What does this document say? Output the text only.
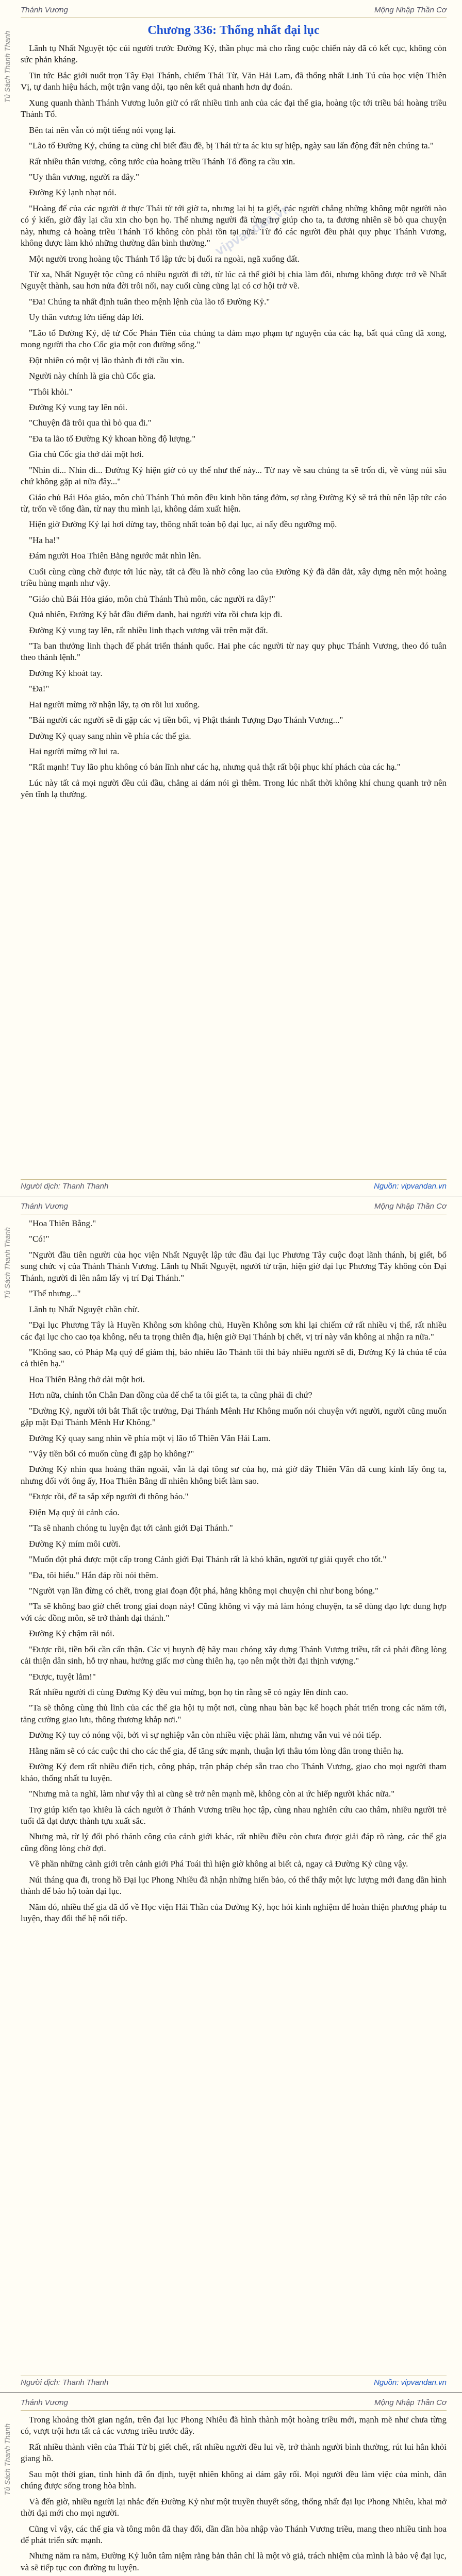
Tủ Sách Thanh Thanh
Thánh Vương	Mộng Nhập Thần Cơ
vipvandan.vn
Chương 336: Thống nhất đại lục

Lãnh tụ Nhất Nguyệt tộc cúi người trước Đường Kỷ, thần phục mà cho rằng cuộc chiến này đã có kết cục, không còn sức phản kháng.

Tin tức Bắc giới nuốt trọn Tây Đại Thánh, chiếm Thái Từ, Văn Hải Lam, đã thống nhất Linh Tú của học viện Thiên Vị, tự danh hiệu hách, một trận vang dội, tạo nên kết quả nhanh hơn dự đoán.

Xung quanh thành Thánh Vương luôn giữ có rất nhiều tinh anh của các đại thế gia, hoàng tộc tới triều bái hoàng triều Thánh Tổ.

Bên tai nên vẫn có một tiếng nói vọng lại.

"Lão tổ Đường Kỷ, chúng ta cũng chỉ biết đầu đề, bị Thái tử ta ác kiu sự hiệp, ngày sau lấn động đất nên chúng ta."

Rất nhiều thân vương, công tước của hoàng triều Thánh Tổ đồng ra cầu xin.

"Uy thân vương, người ra đây."

Đường Kỷ lạnh nhạt nói.

"Hoàng đế của các người ở thực Thái tử tới giờ ta, nhưng lại bị ta giết, các người chẳng những không một người nào có ý kiến, giờ đây lại cầu xin cho bọn họ. Thế nhưng người đã từng trợ giúp cho ta, ta đương nhiên sẽ bỏ qua chuyện này, nhưng cả hoàng triều Thánh Tổ không còn phải tồn tại nữa. Từ đó các người đều phải quy phục Thánh Vương, không được làm khó những thường dân bình thường."

Một người trong hoàng tộc Thánh Tổ lập tức bị đuổi ra ngoài, ngã xuống đất.

Từ xa, Nhất Nguyệt tộc cũng có nhiều người đi tới, từ lúc cả thế giới bị chia làm đôi, nhưng không được trở về Nhất Nguyệt thành, sau hơn nửa đời trôi nổi, nay cuối cùng cũng lại có cơ hội trở về.

"Đa! Chúng ta nhất định tuân theo mệnh lệnh của lão tổ Đường Kỷ."

Uy thân vương lớn tiếng đáp lời.

"Lão tổ Đường Kỷ, đệ tử Cốc Phán Tiên của chúng ta đảm mạo phạm tự nguyện của các hạ, bất quá cũng đã xong, mong người tha cho Cốc gia một con đường sống."

Đột nhiên có một vị lão thành đi tới cầu xin.

Người này chính là gia chủ Cốc gia.

"Thôi khỏi."

Đường Kỷ vung tay lên nói.

"Chuyện đã trôi qua thì bỏ qua đi."

"Đa ta lão tổ Đường Kỷ khoan hồng độ lượng."

Gia chủ Cốc gia thở dài một hơi.

"Nhìn đi... Nhìn đi... Đường Kỷ hiện giờ có uy thế như thế này... Từ nay về sau chúng ta sẽ trốn đi, về vùng núi sâu chứ không gặp ai nữa đây..."

Giáo chủ Bái Hỏa giáo, môn chủ Thánh Thủ môn đều kinh hồn táng đởm, sợ rằng Đường Kỷ sẽ trả thù nên lập tức cáo từ, trốn về tổng đàn, từ nay thu mình lại, không dám xuất hiện.

Hiện giờ Đường Kỷ lại hơi dừng tay, thông nhất toàn bộ đại lục, ai nấy đều ngưỡng mộ.

"Ha ha!"

Đám người Hoa Thiên Bằng ngước mắt nhìn lên.

Cuối cùng cũng chờ được tới lúc này, tất cả đều là nhờ công lao của Đường Kỷ đã dẫn dắt, xây dựng nên một hoàng triều hùng mạnh như vậy.

"Giáo chủ Bái Hỏa giáo, môn chủ Thánh Thủ môn, các người ra đây!"

Quả nhiên, Đường Kỷ bắt đầu điểm danh, hai người vừa rồi chưa kịp đi.

Đường Kỷ vung tay lên, rất nhiều linh thạch vương vãi trên mặt đất.

"Ta ban thưởng linh thạch để phát triển thánh quốc. Hai phe các người từ nay quy phục Thánh Vương, theo đó tuân theo thánh lệnh."

Đường Kỷ khoát tay.

"Đa!"

Hai người mừng rỡ nhận lấy, tạ ơn rồi lui xuống.

"Bái người các người sẽ đi gặp các vị tiền bối, vị Phật thánh Tượng Đạo Thánh Vương..."

Đường Kỷ quay sang nhìn về phía các thế gia.

Hai người mừng rỡ lui ra.

"Rất mạnh! Tuy lão phu không có bản lĩnh như các hạ, nhưng quả thật rất bội phục khí phách của các hạ."

Lúc này tất cả mọi người đều cúi đầu, chẳng ai dám nói gì thêm. Trong lúc nhất thời không khí chung quanh trở nên yên tĩnh lạ thường.

Người dịch: Thanh Thanh	Nguồn: vipvandan.vn
Tủ Sách Thanh Thanh
Thánh Vương	Mộng Nhập Thần Cơ

"Hoa Thiên Bằng."

"Có!"

"Người đầu tiên người của học viện Nhất Nguyệt lập tức đầu đại lục Phương Tây cuộc đoạt lãnh thánh, bị giết, bổ sung chức vị của Thánh Thánh Vương. Lãnh tụ Nhất Nguyệt, người từ trận, hiện giờ đại lục Phương Tây không còn Đại Thánh, người đi lên nắm lấy vị trí Đại Thánh."

"Thế nhưng..."

Lãnh tụ Nhất Nguyệt chần chừ.

"Đại lục Phương Tây là Huyền Không sơn không chủ, Huyền Không sơn khi lại chiếm cứ rất nhiều vị thế, rất nhiều các đại lục cho cao tọa không, nếu ta trọng thiên địa, hiện giờ Đại Thánh bị chết, vị trí này vẫn không ai nhận ra nữa."

"Không sao, có Pháp Mạ quỷ để giám thị, bảo nhiêu lão Thánh tôi thì bảy nhiêu người sẽ đi, Đường Kỷ là chúa tể của cả thiên hạ."

Hoa Thiên Bằng thở dài một hơi.

Hơn nữa, chính tôn Chân Đan đồng của đế chế ta tôi giết ta, ta cũng phải đi chứ?

"Đường Kỷ, người tới bắt Thất tộc trưởng, Đại Thánh Mênh Hư Không muốn nói chuyện với người, người cũng muốn gặp mặt Đại Thánh Mênh Hư Không."

Đường Kỷ quay sang nhìn về phía một vị lão tổ Thiên Văn Hải Lam.

"Vậy tiền bối có muốn cùng đi gặp họ không?"

Đường Kỷ nhìn qua hoàng thân ngoài, vẫn là đại tông sư của họ, mà giờ đây Thiên Văn đã cung kính lấy ông ta, nhưng đối với ông ấy, Hoa Thiên Bằng dĩ nhiên không biết làm sao.

"Được rồi, để ta sắp xếp người đi thông báo."

Điện Mạ quỷ ủi cảnh cáo.

"Ta sẽ nhanh chóng tu luyện đạt tới cảnh giới Đại Thánh."

Đường Kỷ mím môi cười.

"Muốn đột phá được một cấp trong Cảnh giới Đại Thánh rất là khó khăn, người tự giải quyết cho tốt."

"Đa, tôi hiểu." Hắn đáp rồi nói thêm.

"Người vạn lần đừng có chết, trong giai đoạn đột phá, hằng không mọi chuyện chỉ như bong bóng."

"Ta sẽ không bao giờ chết trong giai đoạn này! Cũng không vì vậy mà làm hỏng chuyện, ta sẽ dùng đạo lực dung hợp với các đồng môn, sẽ trở thành đại thánh."

Đường Kỷ chậm rãi nói.

"Được rồi, tiền bối cần cẩn thận. Các vị huynh đệ hãy mau chóng xây dựng Thánh Vương triều, tất cả phải đồng lòng cải thiện dân sinh, hỗ trợ nhau, hưởng giấc mơ cùng thiên hạ, tạo nên một thời đại thịnh vượng."

"Được, tuyệt lắm!"

Rất nhiều người đi cùng Đường Kỷ đều vui mừng, bọn họ tin rằng sẽ có ngày lên đỉnh cao.

"Ta sẽ thông cùng thủ lĩnh của các thế gia hội tụ một nơi, cùng nhau bàn bạc kế hoạch phát triển trong các năm tới, tăng cường giao lưu, thông thương khắp nơi."

Đường Kỷ tuy có nóng vội, bởi vì sự nghiệp vẫn còn nhiều việc phải làm, nhưng vẫn vui vẻ nói tiếp.

Hằng năm sẽ có các cuộc thi cho các thế gia, để tăng sức mạnh, thuận lợi thâu tóm lòng dân trong thiên hạ.

Đường Kỷ đem rất nhiều điển tịch, công pháp, trận pháp chép sẵn trao cho Thánh Vương, giao cho mọi người tham khảo, thống nhất tu luyện.

"Nhưng mà ta nghĩ, làm như vậy thì ai cũng sẽ trở nên mạnh mẽ, không còn ai ức hiếp người khác nữa."

Trợ giúp kiến tạo khiêu là cách người ở Thánh Vương triều học tập, cùng nhau nghiên cứu cao thâm, nhiều người trẻ tuổi đã đạt được thành tựu xuất sắc.

Nhưng mà, từ lý đối phó thánh công của cảnh giới khác, rất nhiều điều còn chưa được giải đáp rõ ràng, các thế gia cũng đồng lòng chờ đợi.

Về phần những cảnh giới trên cảnh giới Phá Toái thì hiện giờ không ai biết cả, ngay cả Đường Kỷ cũng vậy.

Núi tháng qua đi, trong hồ Đại lục Phong Nhiều đã nhận những hiến bảo, có thể thấy một lực lượng mới đang dần hình thành để bảo hộ toàn đại lục.

Năm đó, nhiều thế gia đã đổ về Học viện Hải Thần của Đường Kỷ, học hỏi kinh nghiệm để hoàn thiện phương pháp tu luyện, thay đổi thế hệ nối tiếp.

Người dịch: Thanh Thanh	Nguồn: vipvandan.vn
Tủ Sách Thanh Thanh
Thánh Vương	Mộng Nhập Thần Cơ

Trong khoảng thời gian ngắn, trên đại lục Phong Nhiêu đã hình thành một hoàng triều mới, mạnh mẽ như chưa từng có, vượt trội hơn tất cả các vương triều trước đây.

Rất nhiều thành viên của Thái Tử bị giết chết, rất nhiều người đều lui về, trở thành người bình thường, rút lui hẳn khỏi giang hồ.

Sau một thời gian, tình hình đã ổn định, tuyệt nhiên không ai dám gây rối. Mọi người đều làm việc của mình, dân chúng được sống trong hòa bình.

Và đến giờ, nhiều người lại nhắc đến Đường Kỷ như một truyền thuyết sống, thống nhất đại lục Phong Nhiêu, khai mở thời đại mới cho mọi người.

Cũng vì vậy, các thế gia và tông môn đã thay đổi, dần dần hòa nhập vào Thánh Vương triều, mang theo nhiều tinh hoa để phát triển sức mạnh.

Nhưng năm ra năm, Đường Kỷ luôn tâm niệm rằng bản thân chỉ là một võ giả, trách nhiệm của mình là bảo vệ đại lục, và sẽ tiếp tục con đường tu luyện.
